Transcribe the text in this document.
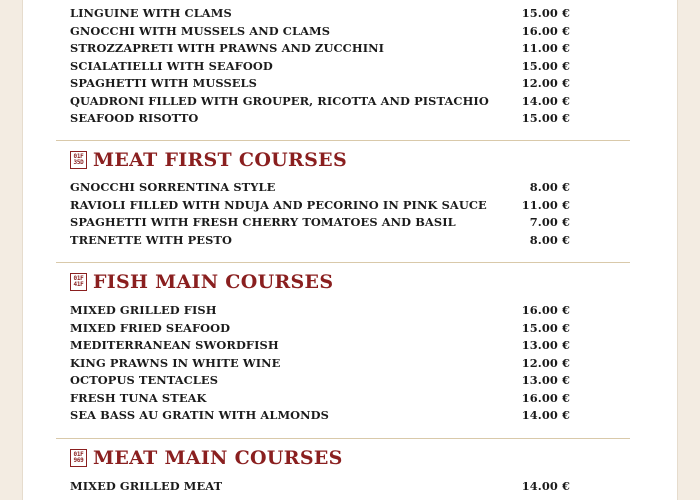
LINGUINE WITH CLAMS	15.00 €
GNOCCHI WITH MUSSELS AND CLAMS	16.00 €
STROZZAPRETI WITH PRAWNS AND ZUCCHINI	11.00 €
SCIALATIELLI WITH SEAFOOD	15.00 €
SPAGHETTI WITH MUSSELS	12.00 €
QUADRONI FILLED WITH GROUPER, RICOTTA AND PISTACHIO	14.00 €
SEAFOOD RISOTTO	15.00 €
01F
35D MEAT FIRST COURSES
GNOCCHI SORRENTINA STYLE	8.00 €
RAVIOLI FILLED WITH NDUJA AND PECORINO IN PINK SAUCE	11.00 €
SPAGHETTI WITH FRESH CHERRY TOMATOES AND BASIL	7.00 €
TRENETTE WITH PESTO	8.00 €
01F
41F FISH MAIN COURSES
MIXED GRILLED FISH	16.00 €
MIXED FRIED SEAFOOD	15.00 €
MEDITERRANEAN SWORDFISH	13.00 €
KING PRAWNS IN WHITE WINE	12.00 €
OCTOPUS TENTACLES	13.00 €
FRESH TUNA STEAK	16.00 €
SEA BASS AU GRATIN WITH ALMONDS	14.00 €
01F
969 MEAT MAIN COURSES
MIXED GRILLED MEAT	14.00 €
